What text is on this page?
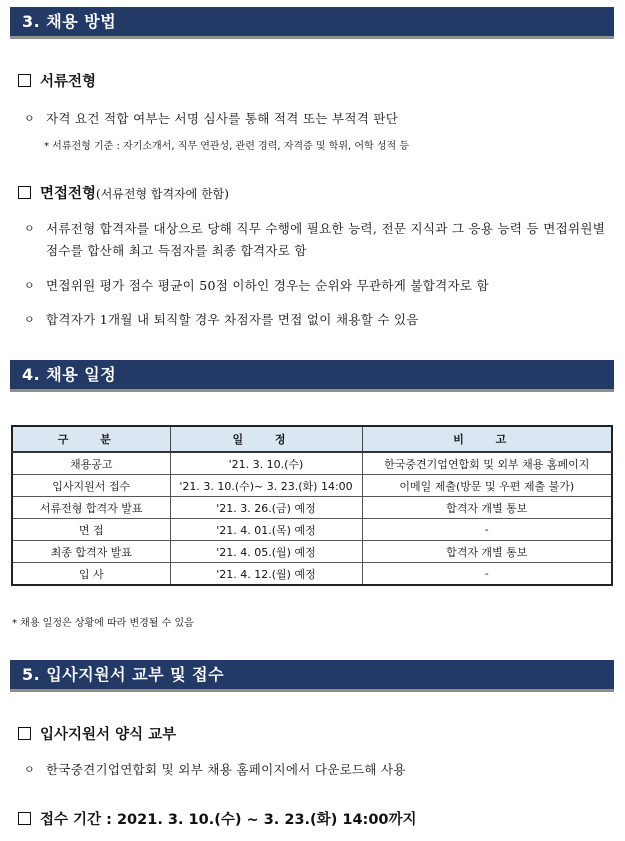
3. 채용 방법
서류전형
ㅇ 자격 요건 적합 여부는 서명 심사를 통해 적격 또는 부적격 판단
* 서류전형 기준 : 자기소개서, 직무 연관성, 관련 경력, 자격증 및 학위, 어학 성적 등
면접전형(서류전형 합격자에 한함)
ㅇ 서류전형 합격자를 대상으로 당해 직무 수행에 필요한 능력, 전문 지식과 그 응용 능력 등 면접위원별 점수를 합산해 최고 득점자를 최종 합격자로 함
ㅇ 면접위원 평가 점수 평균이 50점 이하인 경우는 순위와 무관하게 불합격자로 함
ㅇ 합격자가 1개월 내 퇴직할 경우 차점자를 면접 없이 채용할 수 있음
4. 채용 일정
구 분	일 정	비 고
채용공고	'21. 3. 10.(수)	한국중견기업연합회 및 외부 채용 홈페이지
입사지원서 접수	'21. 3. 10.(수)~ 3. 23.(화) 14:00	이메일 제출(방문 및 우편 제출 불가)
서류전형 합격자 발표	'21. 3. 26.(금) 예정	합격자 개별 통보
면 접	'21. 4. 01.(목) 예정	-
최종 합격자 발표	'21. 4. 05.(월) 예정	합격자 개별 통보
입 사	'21. 4. 12.(월) 예정	-
* 채용 일정은 상황에 따라 변경될 수 있음
5. 입사지원서 교부 및 접수
입사지원서 양식 교부
ㅇ 한국중견기업연합회 및 외부 채용 홈페이지에서 다운로드해 사용
접수 기간 : 2021. 3. 10.(수) ~ 3. 23.(화) 14:00까지
